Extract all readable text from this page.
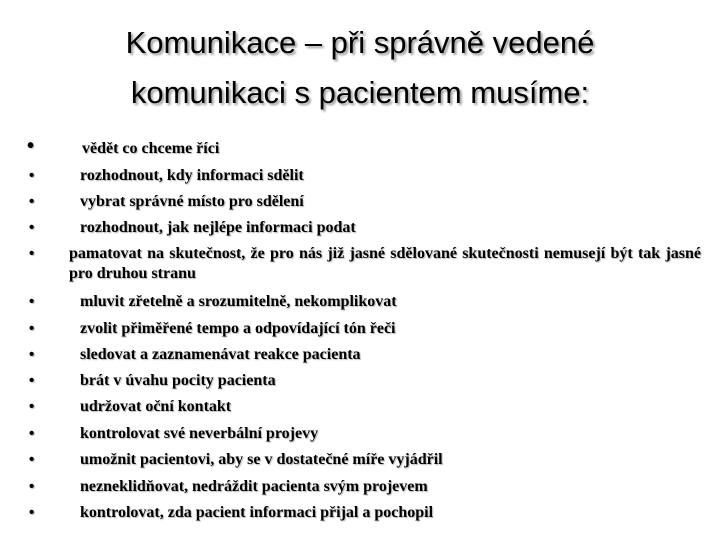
Komunikace – při správně vedené
komunikaci s pacientem musíme:
•	vědět co chceme říci
•	rozhodnout, kdy informaci sdělit
•	vybrat správné místo pro sdělení
•	rozhodnout, jak nejlépe informaci podat
• pamatovat na skutečnost, že pro nás již jasné sdělované skutečnosti nemusejí být tak jasné pro druhou stranu
•	mluvit zřetelně a srozumitelně, nekomplikovat
•	zvolit přiměřené tempo a odpovídající tón řeči
•	sledovat a zaznamenávat reakce pacienta
•	brát v úvahu pocity pacienta
•	udržovat oční kontakt
•	kontrolovat své neverbální projevy
•	umožnit pacientovi, aby se v dostatečné míře vyjádřil
•	nezneklidňovat, nedráždit pacienta svým projevem
•	kontrolovat, zda pacient informaci přijal a pochopil
